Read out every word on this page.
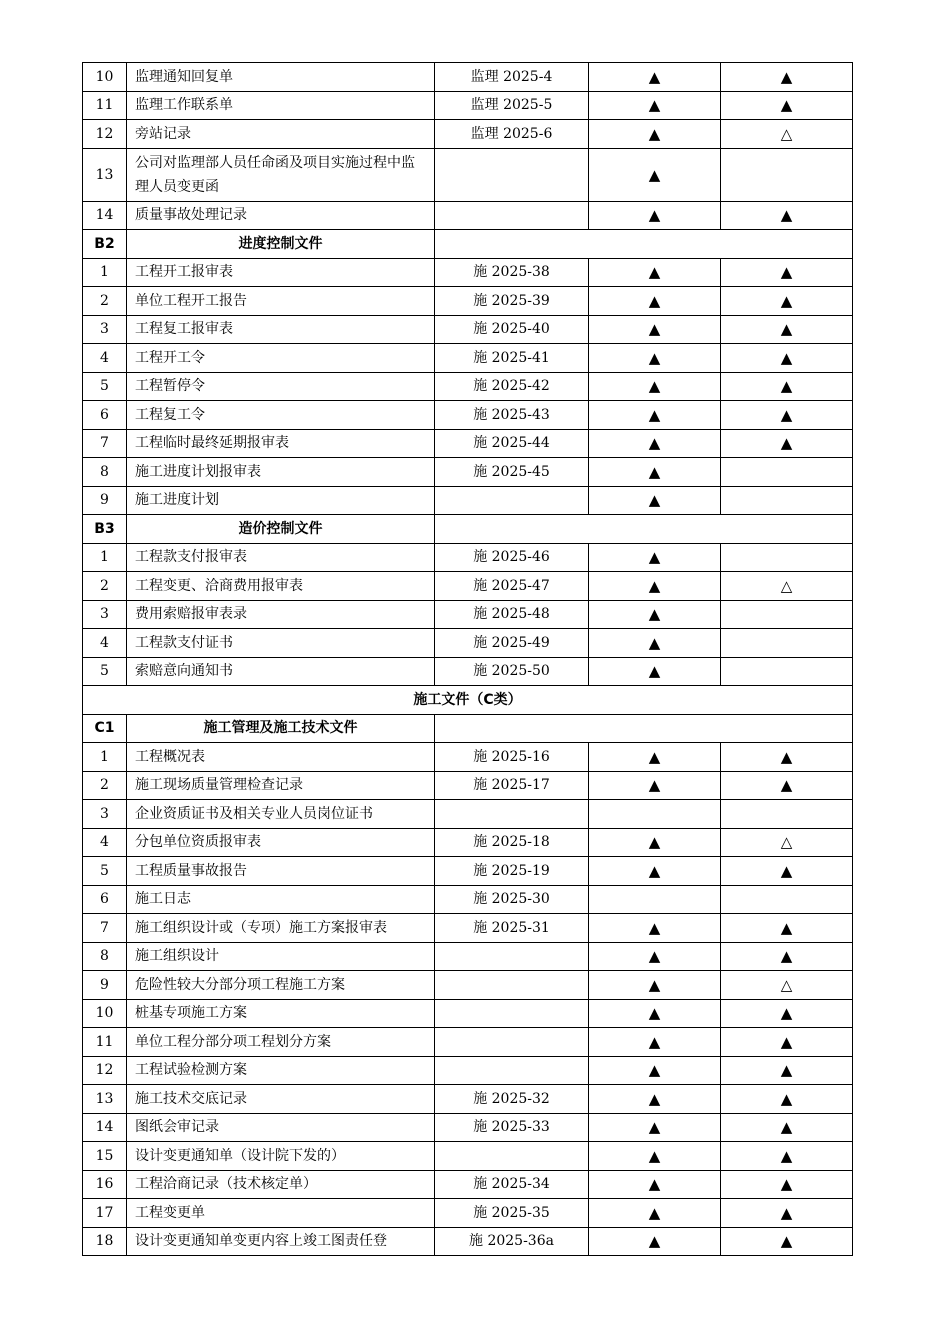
10	监理通知回复单	监理 2025-4	▲	▲
11	监理工作联系单	监理 2025-5	▲	▲
12	旁站记录	监理 2025-6	▲	△
13	公司对监理部人员任命函及项目实施过程中监理人员变更函		▲	
14	质量事故处理记录		▲	▲
B2	进度控制文件			
1	工程开工报审表	施 2025-38	▲	▲
2	单位工程开工报告	施 2025-39	▲	▲
3	工程复工报审表	施 2025-40	▲	▲
4	工程开工令	施 2025-41	▲	▲
5	工程暂停令	施 2025-42	▲	▲
6	工程复工令	施 2025-43	▲	▲
7	工程临时最终延期报审表	施 2025-44	▲	▲
8	施工进度计划报审表	施 2025-45	▲	
9	施工进度计划		▲	
B3	造价控制文件			
1	工程款支付报审表	施 2025-46	▲	
2	工程变更、洽商费用报审表	施 2025-47	▲	△
3	费用索赔报审表录	施 2025-48	▲	
4	工程款支付证书	施 2025-49	▲	
5	索赔意向通知书	施 2025-50	▲	
施工文件（C类）				
C1	施工管理及施工技术文件			
1	工程概况表	施 2025-16	▲	▲
2	施工现场质量管理检查记录	施 2025-17	▲	▲
3	企业资质证书及相关专业人员岗位证书			
4	分包单位资质报审表	施 2025-18	▲	△
5	工程质量事故报告	施 2025-19	▲	▲
6	施工日志	施 2025-30		
7	施工组织设计或（专项）施工方案报审表	施 2025-31	▲	▲
8	施工组织设计		▲	▲
9	危险性较大分部分项工程施工方案		▲	△
10	桩基专项施工方案		▲	▲
11	单位工程分部分项工程划分方案		▲	▲
12	工程试验检测方案		▲	▲
13	施工技术交底记录	施 2025-32	▲	▲
14	图纸会审记录	施 2025-33	▲	▲
15	设计变更通知单（设计院下发的）		▲	▲
16	工程洽商记录（技术核定单）	施 2025-34	▲	▲
17	工程变更单	施 2025-35	▲	▲
18	设计变更通知单变更内容上竣工图责任登	施 2025-36a	▲	▲
